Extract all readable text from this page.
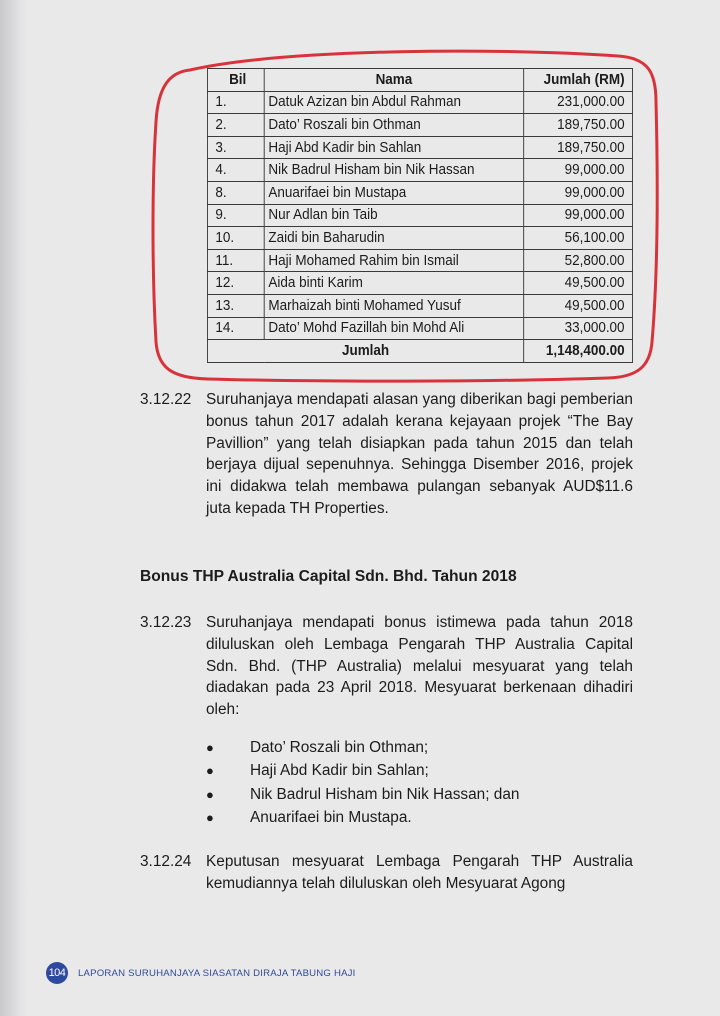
Bil	Nama	Jumlah (RM)
1.	Datuk Azizan bin Abdul Rahman	231,000.00
2.	Dato’ Roszali bin Othman	189,750.00
3.	Haji Abd Kadir bin Sahlan	189,750.00
4.	Nik Badrul Hisham bin Nik Hassan	99,000.00
8.	Anuarifaei bin Mustapa	99,000.00
9.	Nur Adlan bin Taib	99,000.00
10.	Zaidi bin Baharudin	56,100.00
11.	Haji Mohamed Rahim bin Ismail	52,800.00
12.	Aida binti Karim	49,500.00
13.	Marhaizah binti Mohamed Yusuf	49,500.00
14.	Dato’ Mohd Fazillah bin Mohd Ali	33,000.00
Jumlah		1,148,400.00
3.12.22 Suruhanjaya mendapati alasan yang diberikan bagi pemberian bonus tahun 2017 adalah kerana kejayaan projek “The Bay Pavillion” yang telah disiapkan pada tahun 2015 dan telah berjaya dijual sepenuhnya. Sehingga Disember 2016, projek ini didakwa telah membawa pulangan sebanyak AUD$11.6 juta kepada TH Properties.
Bonus THP Australia Capital Sdn. Bhd. Tahun 2018
3.12.23 Suruhanjaya mendapati bonus istimewa pada tahun 2018 diluluskan oleh Lembaga Pengarah THP Australia Capital Sdn. Bhd. (THP Australia) melalui mesyuarat yang telah diadakan pada 23 April 2018. Mesyuarat berkenaan dihadiri oleh:
● Dato’ Roszali bin Othman;
● Haji Abd Kadir bin Sahlan;
● Nik Badrul Hisham bin Nik Hassan; dan
● Anuarifaei bin Mustapa.
3.12.24 Keputusan mesyuarat Lembaga Pengarah THP Australia kemudiannya telah diluluskan oleh Mesyuarat Agong
104 LAPORAN SURUHANJAYA SIASATAN DIRAJA TABUNG HAJI
